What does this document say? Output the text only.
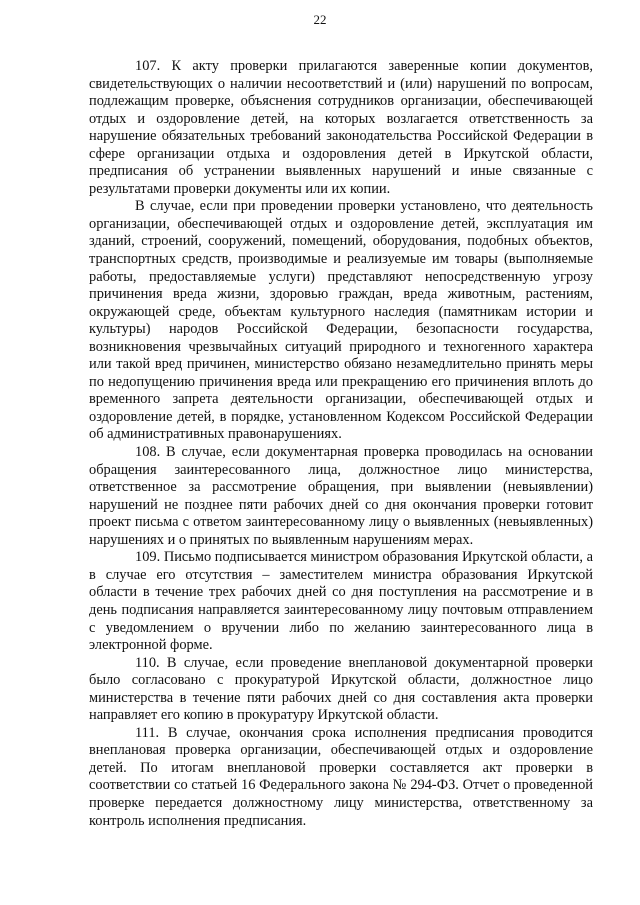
22

107. К акту проверки прилагаются заверенные копии документов, свидетельствующих о наличии несоответствий и (или) нарушений по вопросам, подлежащим проверке, объяснения сотрудников организации, обеспечивающей отдых и оздоровление детей, на которых возлагается ответственность за нарушение обязательных требований законодательства Российской Федерации в сфере организации отдыха и оздоровления детей в Иркутской области, предписания об устранении выявленных нарушений и иные связанные с результатами проверки документы или их копии.

В случае, если при проведении проверки установлено, что деятельность организации, обеспечивающей отдых и оздоровление детей, эксплуатация им зданий, строений, сооружений, помещений, оборудования, подобных объектов, транспортных средств, производимые и реализуемые им товары (выполняемые работы, предоставляемые услуги) представляют непосредственную угрозу причинения вреда жизни, здоровью граждан, вреда животным, растениям, окружающей среде, объектам культурного наследия (памятникам истории и культуры) народов Российской Федерации, безопасности государства, возникновения чрезвычайных ситуаций природного и техногенного характера или такой вред причинен, министерство обязано незамедлительно принять меры по недопущению причинения вреда или прекращению его причинения вплоть до временного запрета деятельности организации, обеспечивающей отдых и оздоровление детей, в порядке, установленном Кодексом Российской Федерации об административных правонарушениях.

108. В случае, если документарная проверка проводилась на основании обращения заинтересованного лица, должностное лицо министерства, ответственное за рассмотрение обращения, при выявлении (невыявлении) нарушений не позднее пяти рабочих дней со дня окончания проверки готовит проект письма с ответом заинтересованному лицу о выявленных (невыявленных) нарушениях и о принятых по выявленным нарушениям мерах.

109. Письмо подписывается министром образования Иркутской области, а в случае его отсутствия – заместителем министра образования Иркутской области в течение трех рабочих дней со дня поступления на рассмотрение и в день подписания направляется заинтересованному лицу почтовым отправлением с уведомлением о вручении либо по желанию заинтересованного лица в электронной форме.

110. В случае, если проведение внеплановой документарной проверки было согласовано с прокуратурой Иркутской области, должностное лицо министерства в течение пяти рабочих дней со дня составления акта проверки направляет его копию в прокуратуру Иркутской области.

111. В случае, окончания срока исполнения предписания проводится внеплановая проверка организации, обеспечивающей отдых и оздоровление детей. По итогам внеплановой проверки составляется акт проверки в соответствии со статьей 16 Федерального закона № 294-ФЗ. Отчет о проведенной проверке передается должностному лицу министерства, ответственному за контроль исполнения предписания.
